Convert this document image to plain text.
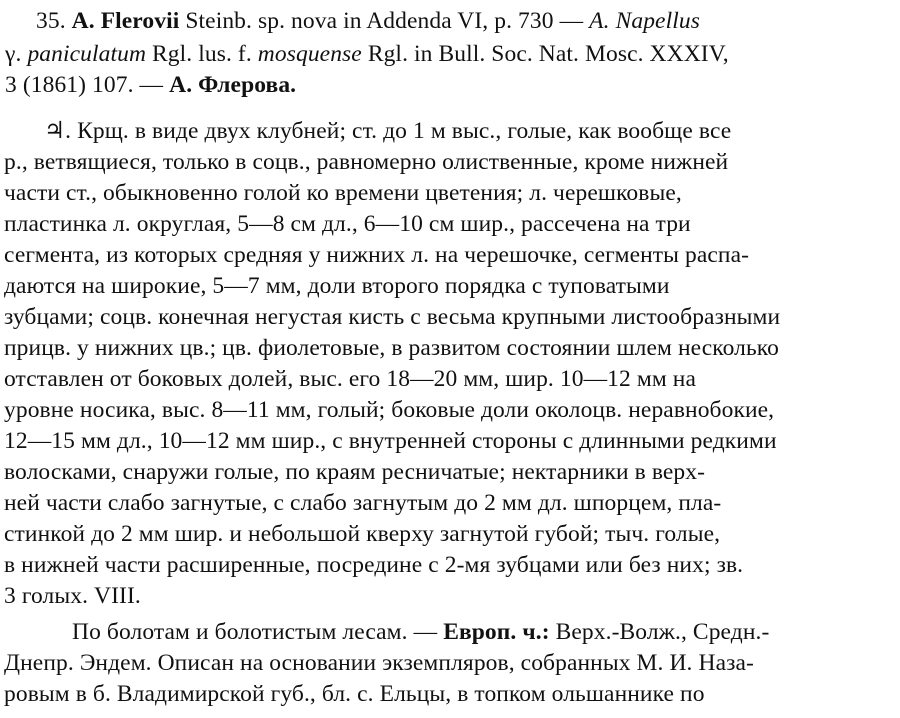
35. A. Flerovii Steinb. sp. nova in Addenda VI, p. 730 — A. Napellus
γ. paniculatum Rgl. lus. f. mosquense Rgl. in Bull. Soc. Nat. Mosc. XXXIV,
3 (1861) 107. — А. Флерова.
♃. Крщ. в виде двух клубней; ст. до 1 м выс., голые, как вообще все
р., ветвящиеся, только в соцв., равномерно олиственные, кроме нижней
части ст., обыкновенно голой ко времени цветения; л. черешковые,
пластинка л. округлая, 5—8 см дл., 6—10 см шир., рассечена на три
сегмента, из которых средняя у нижних л. на черешочке, сегменты распа-
даются на широкие, 5—7 мм, доли второго порядка с туповатыми
зубцами; соцв. конечная негустая кисть с весьма крупными листообразными
прицв. у нижних цв.; цв. фиолетовые, в развитом состоянии шлем несколько
отставлен от боковых долей, выс. его 18—20 мм, шир. 10—12 мм на
уровне носика, выс. 8—11 мм, голый; боковые доли околоцв. неравнобокие,
12—15 мм дл., 10—12 мм шир., с внутренней стороны с длинными редкими
волосками, снаружи голые, по краям ресничатые; нектарники в верх-
ней части слабо загнутые, с слабо загнутым до 2 мм дл. шпорцем, пла-
стинкой до 2 мм шир. и небольшой кверху загнутой губой; тыч. голые,
в нижней части расширенные, посредине с 2-мя зубцами или без них; зв.
3 голых. VIII.
По болотам и болотистым лесам. — Европ. ч.: Верх.-Волж., Средн.-
Днепр. Эндем. Описан на основании экземпляров, собранных М. И. Наза-
ровым в б. Владимирской губ., бл. с. Ельцы, в топком ольшаннике по
